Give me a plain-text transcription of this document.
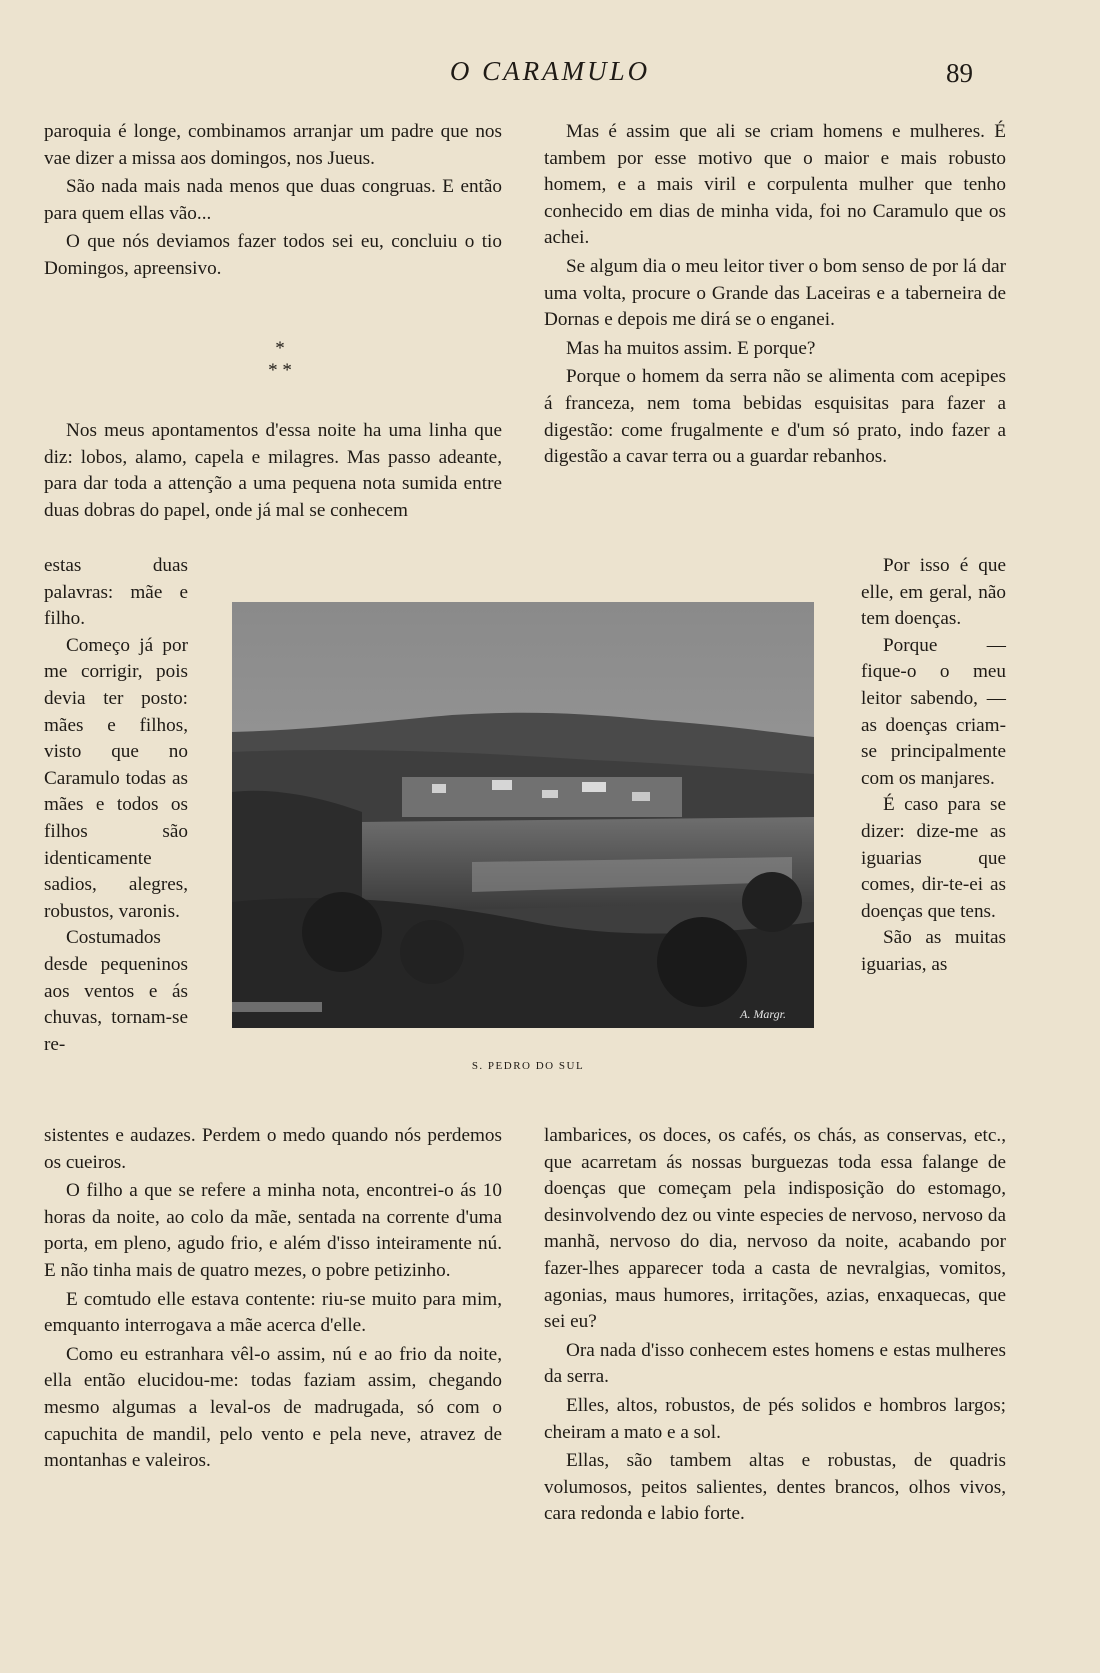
O CARAMULO	89

paroquia é longe, combinamos arranjar um padre que nos vae dizer a missa aos domingos, nos Jueus.

São nada mais nada menos que duas congruas. E então para quem ellas vão...

O que nós deviamos fazer todos sei eu, concluiu o tio Domingos, apreensivo.

*
* *

Nos meus apontamentos d'essa noite ha uma linha que diz: lobos, alamo, capela e milagres. Mas passo adeante, para dar toda a attenção a uma pequena nota sumida entre duas dobras do papel, onde já mal se conhecem

estas duas palavras: mãe e filho.

Começo já por me corrigir, pois devia ter posto: mães e filhos, visto que no Caramulo todas as mães e todos os filhos são identicamente sadios, alegres, robustos, varonis.

Costumados desde pequeninos aos ventos e ás chuvas, tornam-se re-

Mas é assim que ali se criam homens e mulheres. É tambem por esse motivo que o maior e mais robusto homem, e a mais viril e corpulenta mulher que tenho conhecido em dias de minha vida, foi no Caramulo que os achei.

Se algum dia o meu leitor tiver o bom senso de por lá dar uma volta, procure o Grande das Laceiras e a taberneira de Dornas e depois me dirá se o enganei.

Mas ha muitos assim. E porque?

Porque o homem da serra não se alimenta com acepipes á franceza, nem toma bebidas esquisitas para fazer a digestão: come frugalmente e d'um só prato, indo fazer a digestão a cavar terra ou a guardar rebanhos.

Por isso é que elle, em geral, não tem doenças.

Porque — fique-o o meu leitor sabendo, — as doenças criam-se principalmente com os manjares.

É caso para se dizer: dize-me as iguarias que comes, dir-te-ei as doenças que tens.

São as muitas iguarias, as

A. Margr.
S. PEDRO DO SUL

sistentes e audazes. Perdem o medo quando nós perdemos os cueiros.

O filho a que se refere a minha nota, encontrei-o ás 10 horas da noite, ao colo da mãe, sentada na corrente d'uma porta, em pleno, agudo frio, e além d'isso inteiramente nú. E não tinha mais de quatro mezes, o pobre petizinho.

E comtudo elle estava contente: riu-se muito para mim, emquanto interrogava a mãe acerca d'elle.

Como eu estranhara vêl-o assim, nú e ao frio da noite, ella então elucidou-me: todas faziam assim, chegando mesmo algumas a leval-os de madrugada, só com o capuchita de mandil, pelo vento e pela neve, atravez de montanhas e valeiros.

lambarices, os doces, os cafés, os chás, as conservas, etc., que acarretam ás nossas burguezas toda essa falange de doenças que começam pela indisposição do estomago, desinvolvendo dez ou vinte especies de nervoso, nervoso da manhã, nervoso do dia, nervoso da noite, acabando por fazer-lhes apparecer toda a casta de nevralgias, vomitos, agonias, maus humores, irritações, azias, enxaquecas, que sei eu?

Ora nada d'isso conhecem estes homens e estas mulheres da serra.

Elles, altos, robustos, de pés solidos e hombros largos; cheiram a mato e a sol.

Ellas, são tambem altas e robustas, de quadris volumosos, peitos salientes, dentes brancos, olhos vivos, cara redonda e labio forte.
